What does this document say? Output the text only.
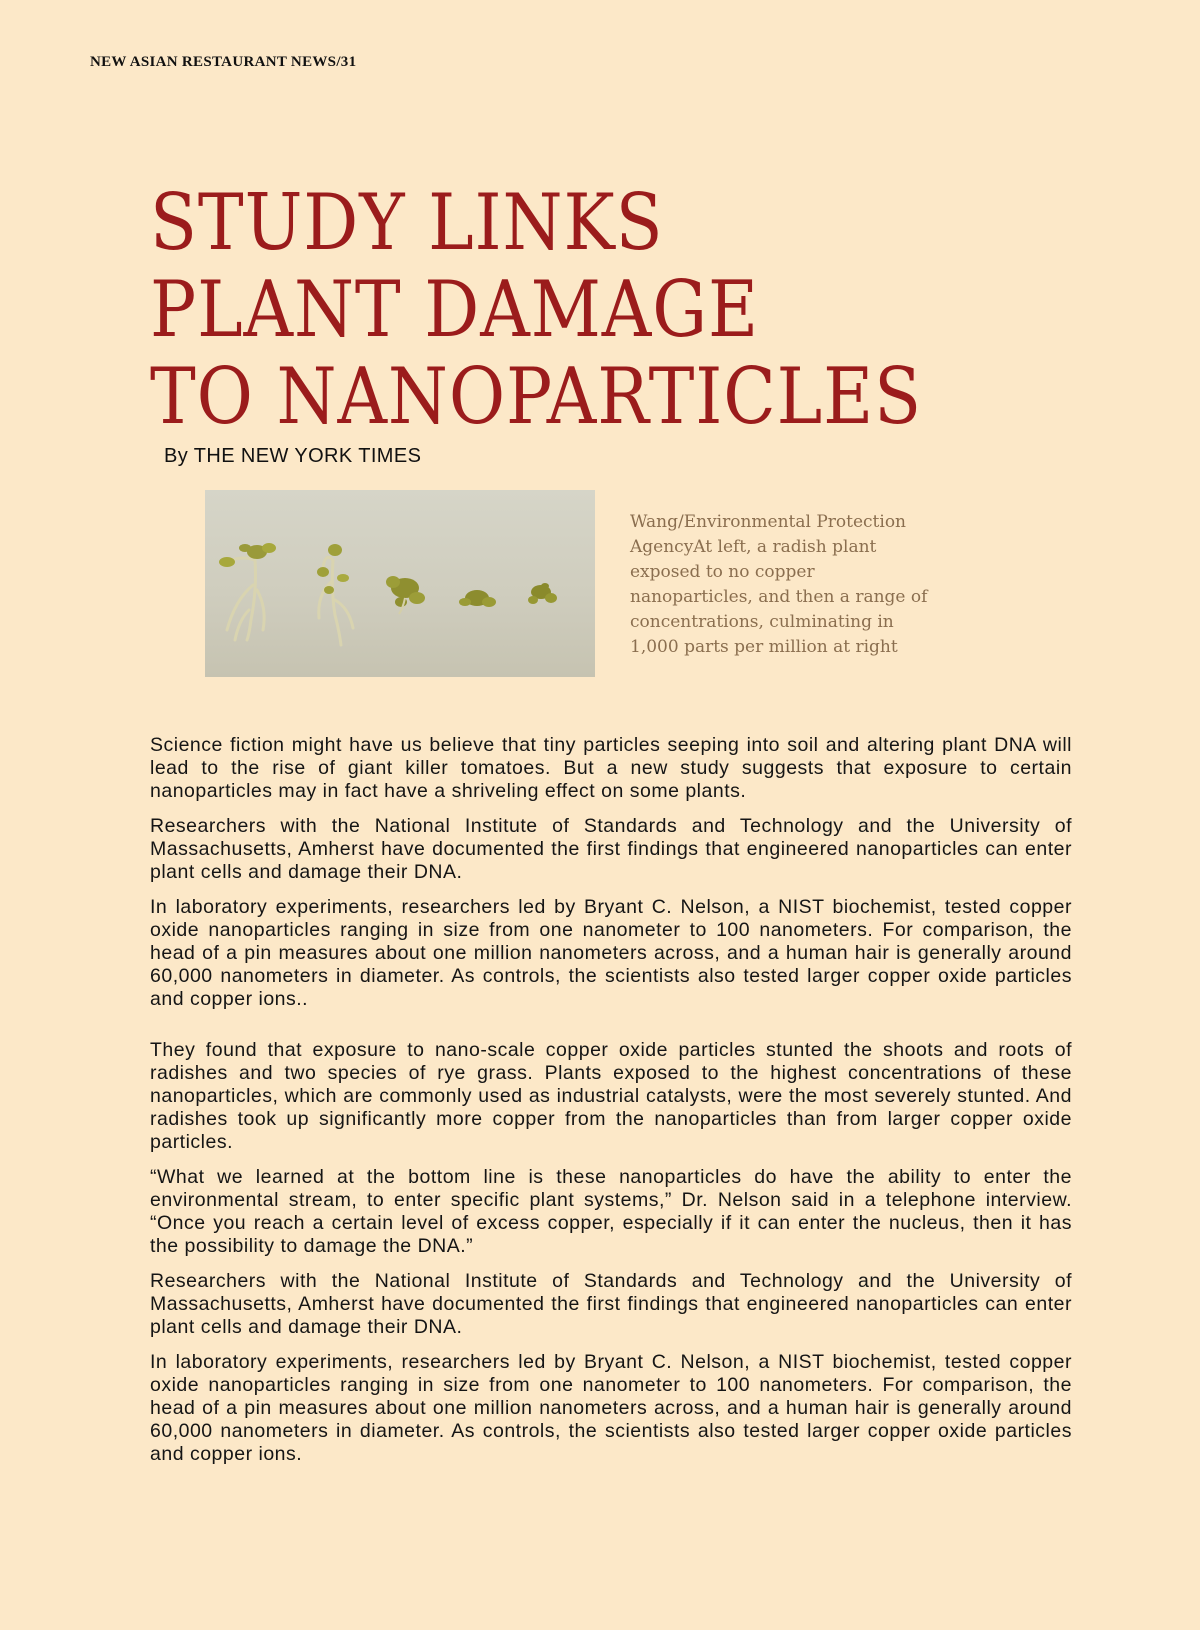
NEW ASIAN RESTAURANT NEWS/31
STUDY LINKS
PLANT DAMAGE
TO NANOPARTICLES
By THE NEW YORK TIMES
Wang/Environmental Protection AgencyAt left, a radish plant exposed to no copper nanoparticles, and then a range of concentrations, culminating in 1,000 parts per million at right

Science fiction might have us believe that tiny particles seeping into soil and altering plant DNA will lead to the rise of giant killer tomatoes. But a new study suggests that exposure to certain nanoparticles may in fact have a shriveling effect on some plants.

Researchers with the National Institute of Standards and Technology and the University of Massachusetts, Amherst have documented the first findings that engineered nanoparticles can enter plant cells and damage their DNA.

In laboratory experiments, researchers led by Bryant C. Nelson, a NIST biochemist, tested copper oxide nanoparticles ranging in size from one nanometer to 100 nanometers. For comparison, the head of a pin measures about one million nanometers across, and a human hair is generally around 60,000 nanometers in diameter. As controls, the scientists also tested larger copper oxide particles and copper ions..

They found that exposure to nano-scale copper oxide particles stunted the shoots and roots of radishes and two species of rye grass. Plants exposed to the highest concentrations of these nanoparticles, which are commonly used as industrial catalysts, were the most severely stunted. And radishes took up significantly more copper from the nanoparticles than from larger copper oxide particles.

“What we learned at the bottom line is these nanoparticles do have the ability to enter the environmental stream, to enter specific plant systems,” Dr. Nelson said in a telephone interview. “Once you reach a certain level of excess copper, especially if it can enter the nucleus, then it has the possibility to damage the DNA.”

Researchers with the National Institute of Standards and Technology and the University of Massachusetts, Amherst have documented the first findings that engineered nanoparticles can enter plant cells and damage their DNA.

In laboratory experiments, researchers led by Bryant C. Nelson, a NIST biochemist, tested copper oxide nanoparticles ranging in size from one nanometer to 100 nanometers. For comparison, the head of a pin measures about one million nanometers across, and a human hair is generally around 60,000 nanometers in diameter. As controls, the scientists also tested larger copper oxide particles and copper ions.
